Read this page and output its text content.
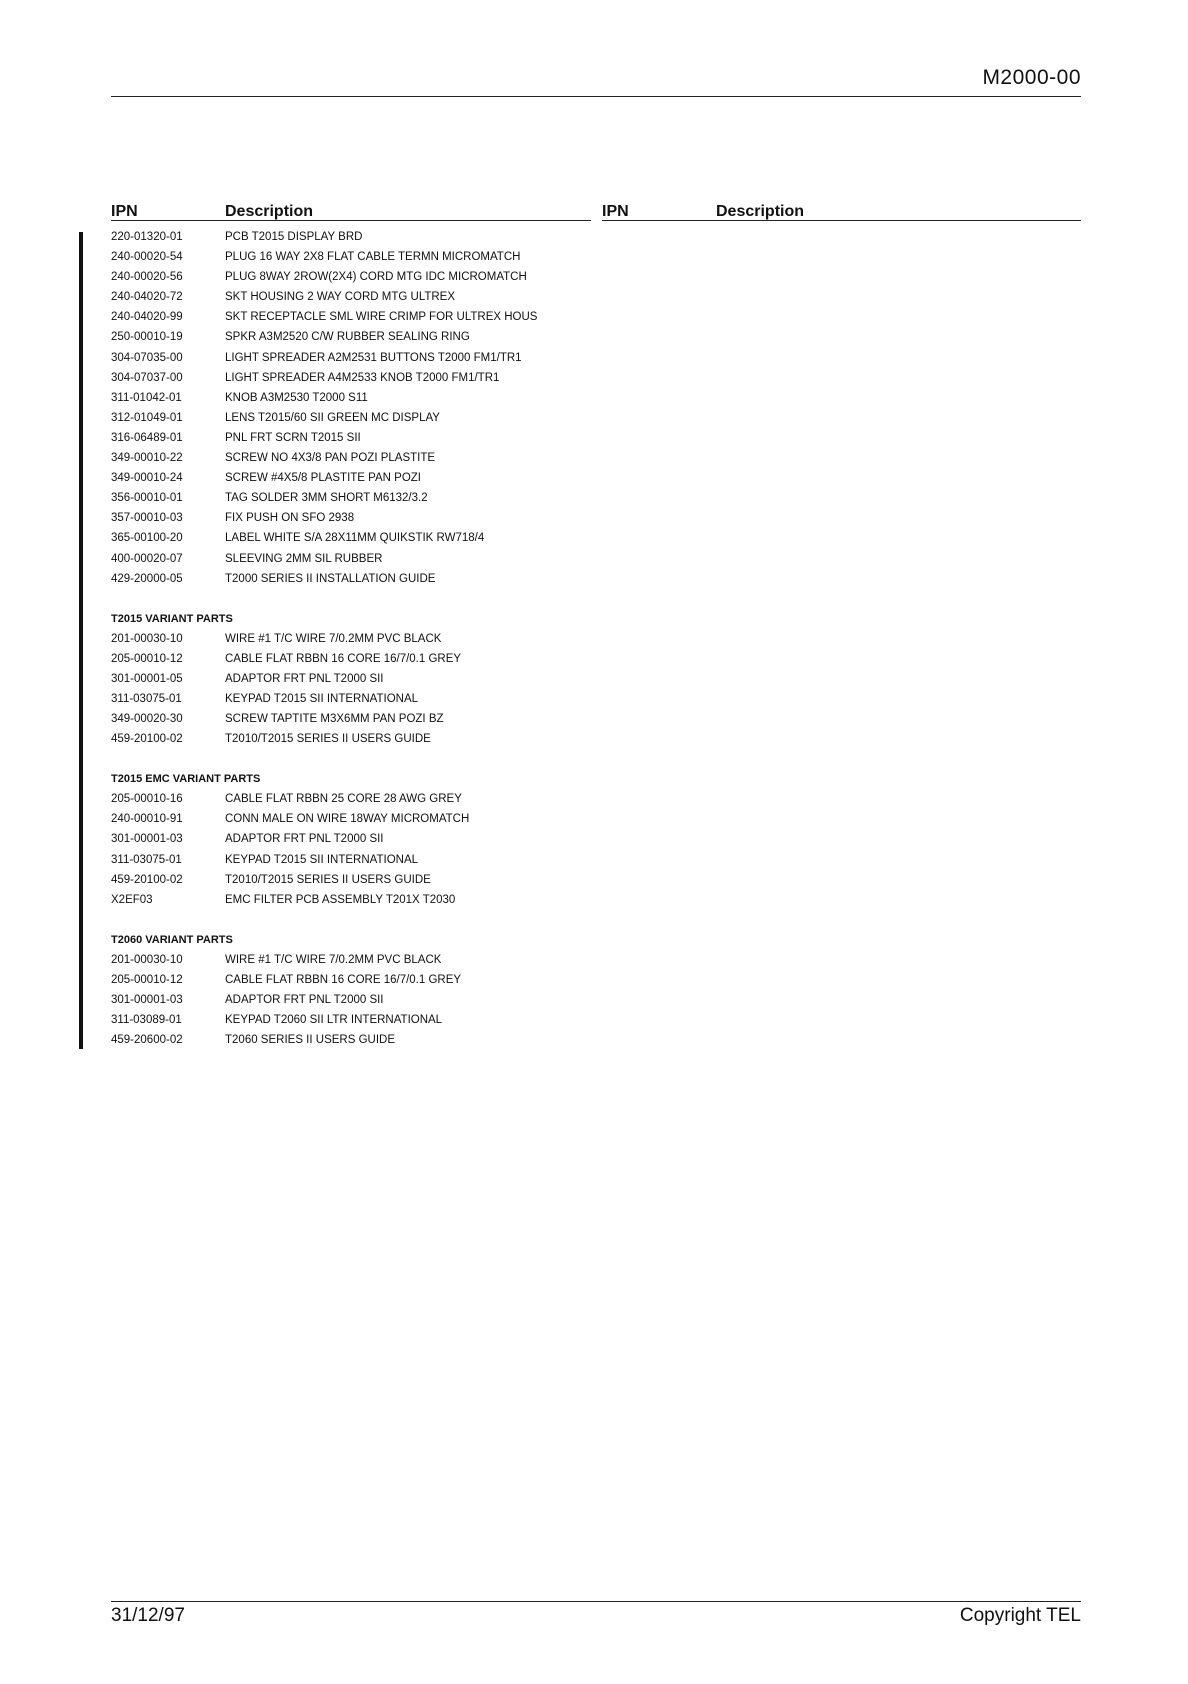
M2000-00
IPN	Description	IPN	Description
220-01320-01	PCB T2015 DISPLAY BRD
240-00020-54	PLUG 16 WAY 2X8 FLAT CABLE TERMN MICROMATCH
240-00020-56	PLUG 8WAY 2ROW(2X4) CORD MTG IDC MICROMATCH
240-04020-72	SKT HOUSING 2 WAY CORD MTG ULTREX
240-04020-99	SKT RECEPTACLE SML WIRE CRIMP FOR ULTREX HOUS
250-00010-19	SPKR A3M2520 C/W RUBBER SEALING RING
304-07035-00	LIGHT SPREADER A2M2531 BUTTONS T2000 FM1/TR1
304-07037-00	LIGHT SPREADER A4M2533 KNOB T2000 FM1/TR1
311-01042-01	KNOB A3M2530 T2000 S11
312-01049-01	LENS T2015/60 SII GREEN MC DISPLAY
316-06489-01	PNL FRT SCRN T2015 SII
349-00010-22	SCREW NO 4X3/8 PAN POZI PLASTITE
349-00010-24	SCREW #4X5/8 PLASTITE PAN POZI
356-00010-01	TAG SOLDER 3MM SHORT M6132/3.2
357-00010-03	FIX PUSH ON SFO 2938
365-00100-20	LABEL WHITE S/A 28X11MM QUIKSTIK RW718/4
400-00020-07	SLEEVING 2MM SIL RUBBER
429-20000-05	T2000 SERIES II INSTALLATION GUIDE
T2015 VARIANT PARTS
201-00030-10	WIRE #1 T/C WIRE 7/0.2MM PVC BLACK
205-00010-12	CABLE FLAT RBBN 16 CORE 16/7/0.1 GREY
301-00001-05	ADAPTOR FRT PNL T2000 SII
311-03075-01	KEYPAD T2015 SII INTERNATIONAL
349-00020-30	SCREW TAPTITE M3X6MM PAN POZI BZ
459-20100-02	T2010/T2015 SERIES II USERS GUIDE
T2015 EMC VARIANT PARTS
205-00010-16	CABLE FLAT RBBN 25 CORE 28 AWG GREY
240-00010-91	CONN MALE ON WIRE 18WAY MICROMATCH
301-00001-03	ADAPTOR FRT PNL T2000 SII
311-03075-01	KEYPAD T2015 SII INTERNATIONAL
459-20100-02	T2010/T2015 SERIES II USERS GUIDE
X2EF03	EMC FILTER PCB ASSEMBLY T201X T2030
T2060 VARIANT PARTS
201-00030-10	WIRE #1 T/C WIRE 7/0.2MM PVC BLACK
205-00010-12	CABLE FLAT RBBN 16 CORE 16/7/0.1 GREY
301-00001-03	ADAPTOR FRT PNL T2000 SII
311-03089-01	KEYPAD T2060 SII LTR INTERNATIONAL
459-20600-02	T2060 SERIES II USERS GUIDE
31/12/97	Copyright TEL
